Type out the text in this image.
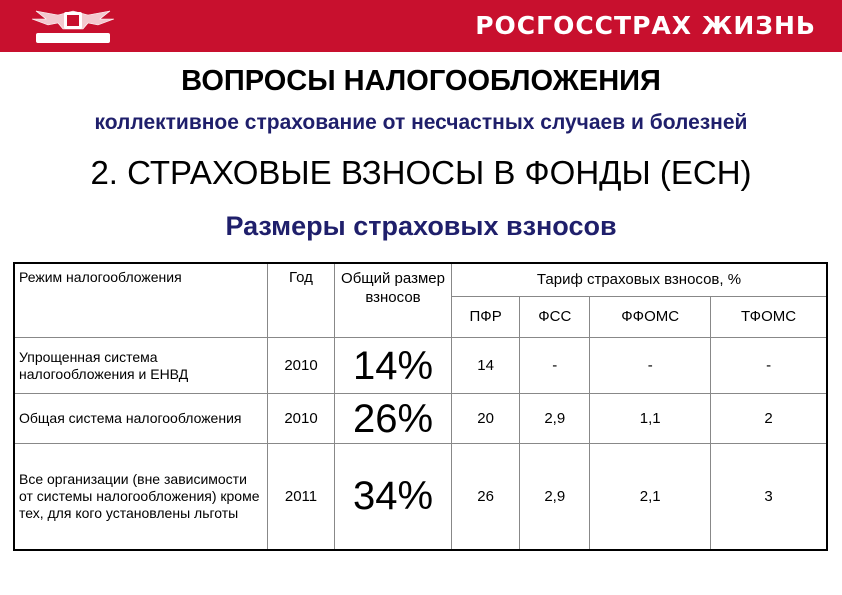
РОСГОССТРАХ ЖИЗНЬ
ВОПРОСЫ НАЛОГООБЛОЖЕНИЯ
коллективное страхование от несчастных случаев и болезней
2. СТРАХОВЫЕ ВЗНОСЫ В ФОНДЫ (ЕСН)
Размеры страховых взносов
Режим налогообложения	Год	Общий размер взносов	Тариф страховых взносов, %			
			ПФР	ФСС	ФФОМС	ТФОМС
Упрощенная система налогообложения и ЕНВД	2010	14%	14	-	-	-
Общая система налогообложения	2010	26%	20	2,9	1,1	2
Все организации (вне зависимости от системы налогообложения) кроме тех, для кого установлены льготы	2011	34%	26	2,9	2,1	3
